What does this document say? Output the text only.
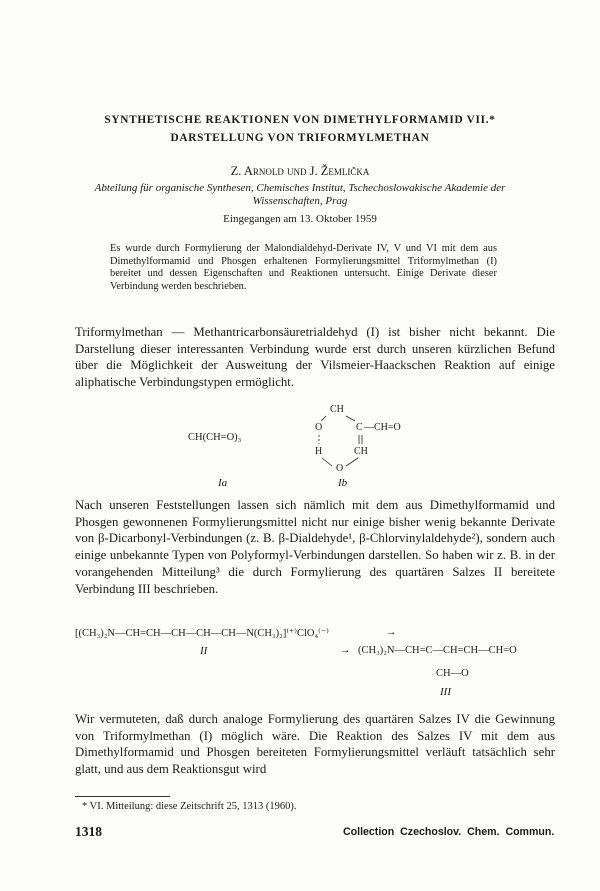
SYNTHETISCHE REAKTIONEN VON DIMETHYLFORMAMID VII.*
DARSTELLUNG VON TRIFORMYLMETHAN
Z. Arnold und J. Žemlička
Abteilung für organische Synthesen, Chemisches Institut, Tschechoslowakische Akademie der Wissenschaften, Prag
Eingegangen am 13. Oktober 1959
Es wurde durch Formylierung der Malondialdehyd-Derivate IV, V und VI mit dem aus Dimethylformamid und Phosgen erhaltenen Formylierungsmittel Triformylmethan (I) bereitet und dessen Eigenschaften und Reaktionen untersucht. Einige Derivate dieser Verbindung werden beschrieben.
Triformylmethan — Methantricarbonsäuretrialdehyd (I) ist bisher nicht bekannt. Die Darstellung dieser interessanten Verbindung wurde erst durch unseren kürzlichen Befund über die Möglichkeit der Ausweitung der Vilsmeier-Haackschen Reaktion auf einige aliphatische Verbindungstypen ermöglicht.
CH(CH=O)₃
Ia
CH
O	C —CH=O
H	CH
O
Ib
Nach unseren Feststellungen lassen sich nämlich mit dem aus Dimethylformamid und Phosgen gewonnenen Formylierungsmittel nicht nur einige bisher wenig bekannte Derivate von β-Dicarbonyl-Verbindungen (z. B. β-Dialdehyde¹, β-Chlorvinylaldehyde²), sondern auch einige unbekannte Typen von Polyformyl-Verbindungen darstellen. So haben wir z. B. in der vorangehenden Mitteilung³ die durch Formylierung des quartären Salzes II bereitete Verbindung III beschrieben.
[(CH₃)₂N—CH=CH—CH—CH—CH—N(CH₃)₂]⁽⁺⁾ClO₄⁽⁻⁾	→
II	→ (CH₃)₂N—CH=C—CH=CH—CH=O
CH—O
III
Wir vermuteten, daß durch analoge Formylierung des quartären Salzes IV die Gewinnung von Triformylmethan (I) möglich wäre. Die Reaktion des Salzes IV mit dem aus Dimethylformamid und Phosgen bereiteten Formylierungsmittel verläuft tatsächlich sehr glatt, und aus dem Reaktionsgut wird
* VI. Mitteilung: diese Zeitschrift 25, 1313 (1960).
1318	Collection Czechoslov. Chem. Commun.
